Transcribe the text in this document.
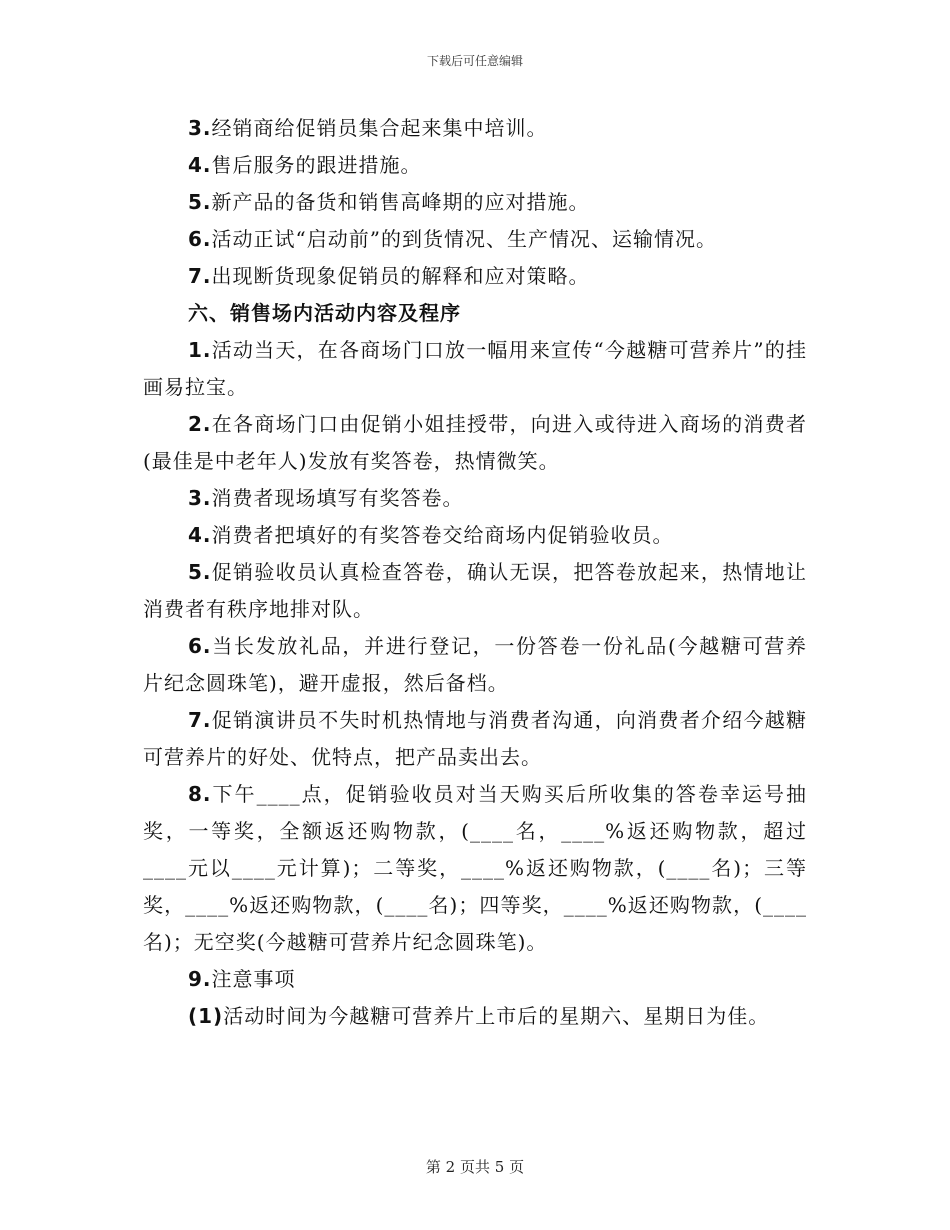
下载后可任意编辑

3.经销商给促销员集合起来集中培训。

4.售后服务的跟进措施。

5.新产品的备货和销售高峰期的应对措施。

6.活动正试“启动前”的到货情况、生产情况、运输情况。

7.出现断货现象促销员的解释和应对策略。

六、销售场内活动内容及程序

1.活动当天，在各商场门口放一幅用来宣传“今越糖可营养片”的挂画易拉宝。

2.在各商场门口由促销小姐挂授带，向进入或待进入商场的消费者(最佳是中老年人)发放有奖答卷，热情微笑。

3.消费者现场填写有奖答卷。

4.消费者把填好的有奖答卷交给商场内促销验收员。

5.促销验收员认真检查答卷，确认无误，把答卷放起来，热情地让消费者有秩序地排对队。

6.当长发放礼品，并进行登记，一份答卷一份礼品(今越糖可营养片纪念圆珠笔)，避开虚报，然后备档。

7.促销演讲员不失时机热情地与消费者沟通，向消费者介绍今越糖可营养片的好处、优特点，把产品卖出去。

8.下午____点，促销验收员对当天购买后所收集的答卷幸运号抽奖，一等奖，全额返还购物款，(____名，____%返还购物款，超过____元以____元计算)；二等奖，____%返还购物款，(____名)；三等奖，____%返还购物款，(____名)；四等奖，____%返还购物款，(____名)；无空奖(今越糖可营养片纪念圆珠笔)。

9.注意事项

(1)活动时间为今越糖可营养片上市后的星期六、星期日为佳。

第 2 页共 5 页
